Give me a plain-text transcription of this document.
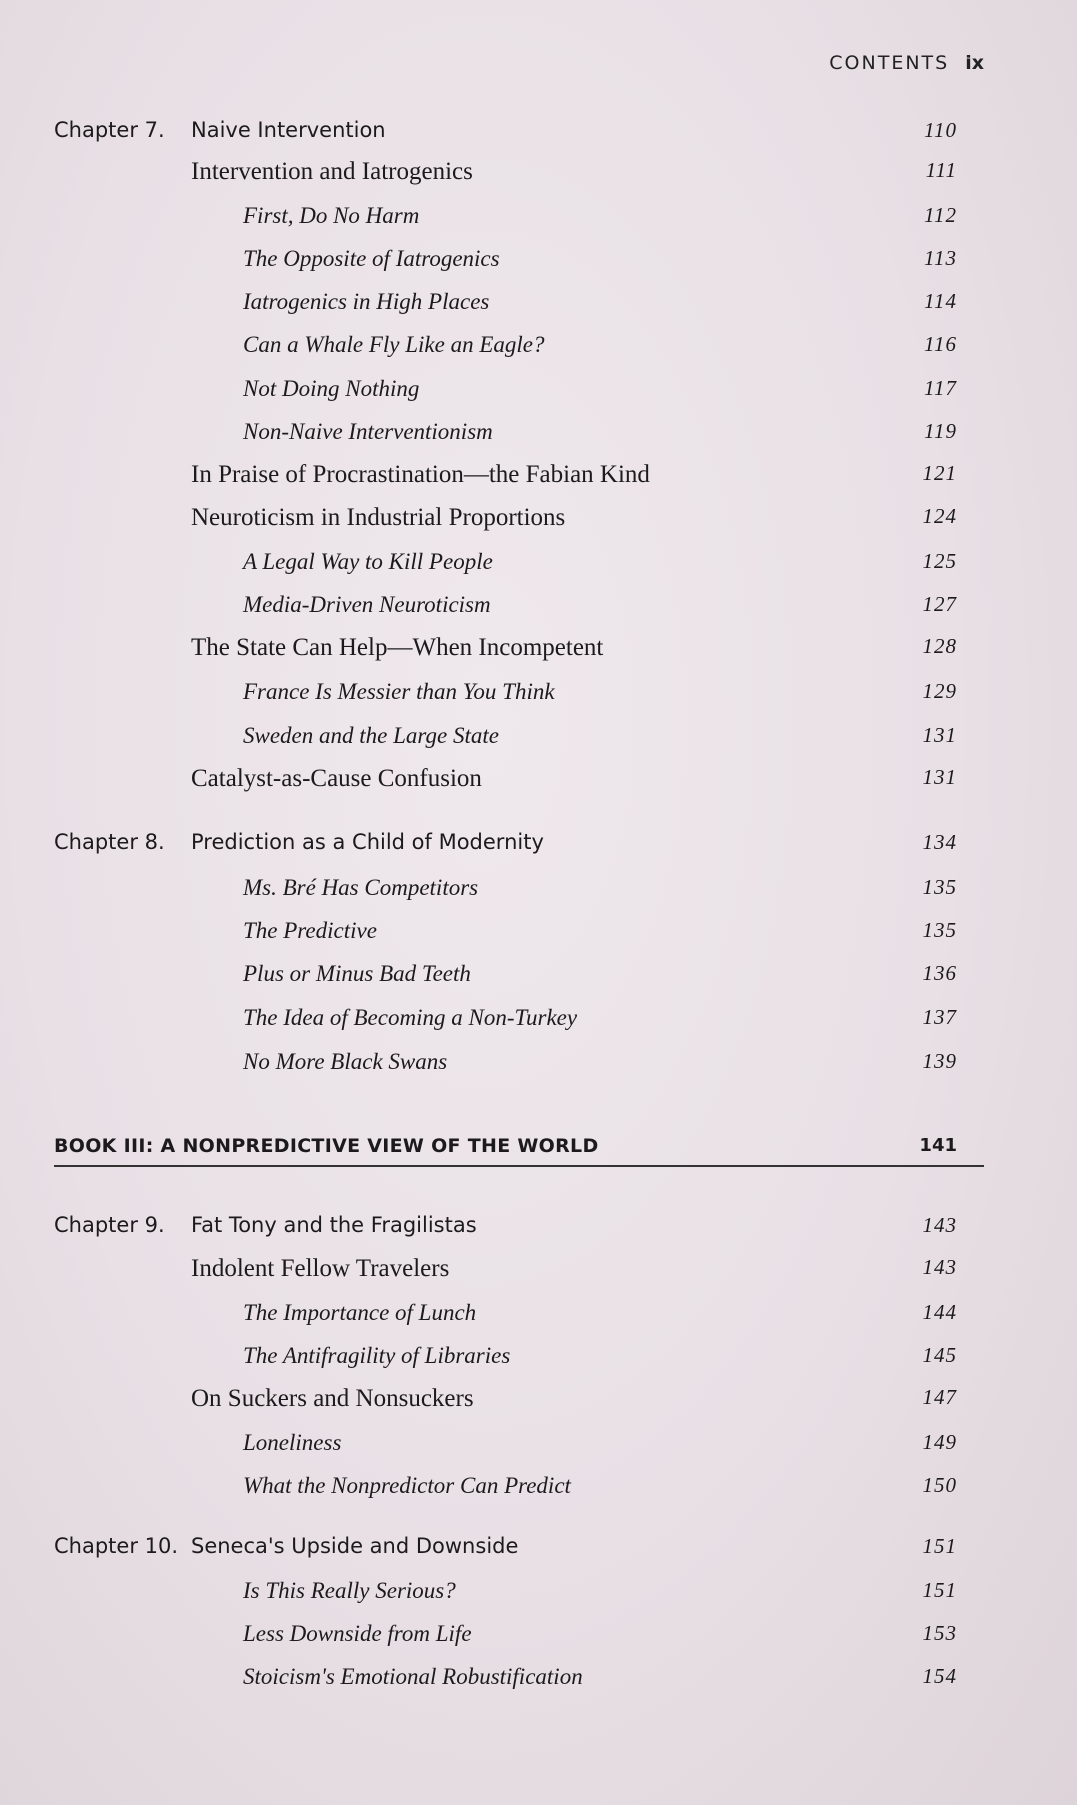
CONTENTS ix
Chapter 7. Naive Intervention	110
Intervention and Iatrogenics	111
First, Do No Harm	112
The Opposite of Iatrogenics	113
Iatrogenics in High Places	114
Can a Whale Fly Like an Eagle?	116
Not Doing Nothing	117
Non-Naive Interventionism	119
In Praise of Procrastination—the Fabian Kind	121
Neuroticism in Industrial Proportions	124
A Legal Way to Kill People	125
Media-Driven Neuroticism	127
The State Can Help—When Incompetent	128
France Is Messier than You Think	129
Sweden and the Large State	131
Catalyst-as-Cause Confusion	131
Chapter 8. Prediction as a Child of Modernity	134
Ms. Bré Has Competitors	135
The Predictive	135
Plus or Minus Bad Teeth	136
The Idea of Becoming a Non-Turkey	137
No More Black Swans	139
BOOK III: A NONPREDICTIVE VIEW OF THE WORLD	141
Chapter 9. Fat Tony and the Fragilistas	143
Indolent Fellow Travelers	143
The Importance of Lunch	144
The Antifragility of Libraries	145
On Suckers and Nonsuckers	147
Loneliness	149
What the Nonpredictor Can Predict	150
Chapter 10. Seneca's Upside and Downside	151
Is This Really Serious?	151
Less Downside from Life	153
Stoicism's Emotional Robustification	154
